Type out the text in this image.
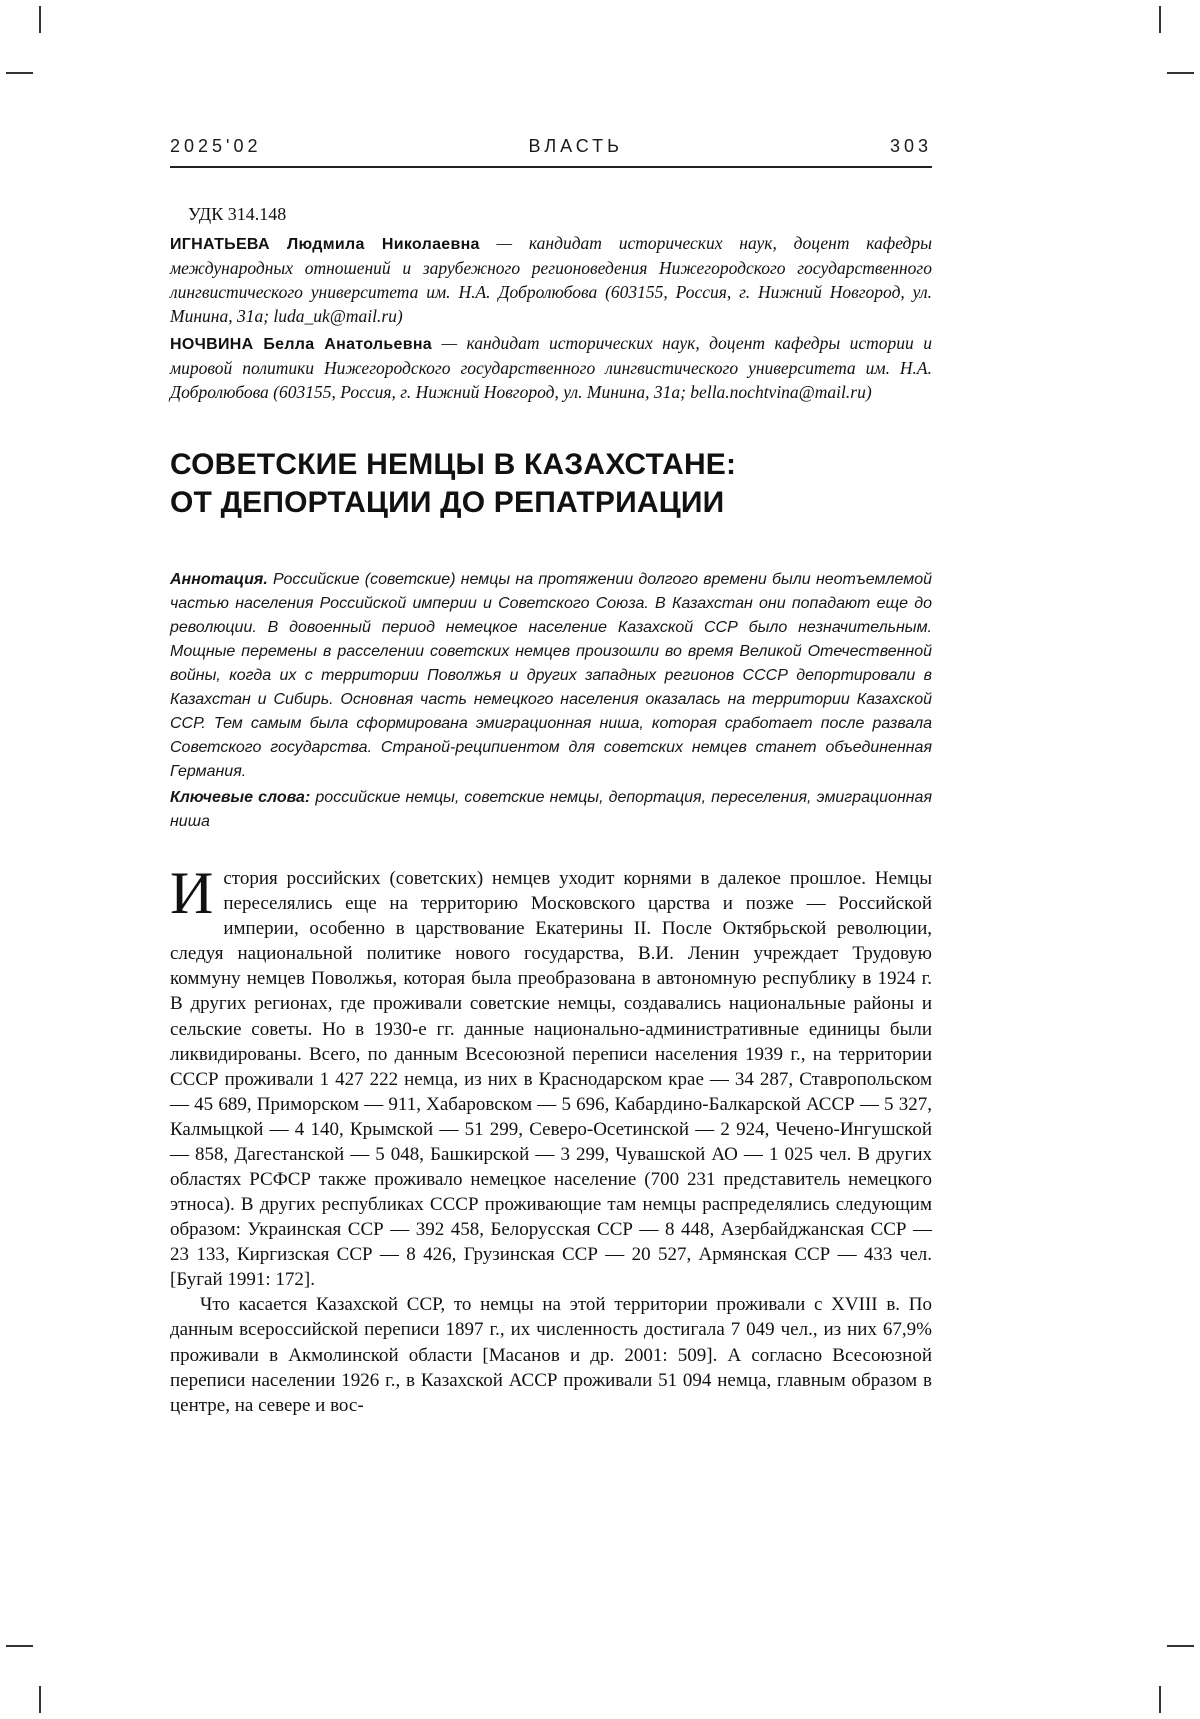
2025'02	ВЛАСТЬ	303
УДК 314.148

ИГНАТЬЕВА Людмила Николаевна — кандидат исторических наук, доцент кафедры международных отношений и зарубежного регионоведения Нижегородского государственного лингвистического университета им. Н.А. Добролюбова (603155, Россия, г. Нижний Новгород, ул. Минина, 31а; luda_uk@mail.ru)

НОЧВИНА Белла Анатольевна — кандидат исторических наук, доцент кафедры истории и мировой политики Нижегородского государственного лингвистического университета им. Н.А. Добролюбова (603155, Россия, г. Нижний Новгород, ул. Минина, 31а; bella.nochtvina@mail.ru)

СОВЕТСКИЕ НЕМЦЫ В КАЗАХСТАНЕ:
ОТ ДЕПОРТАЦИИ ДО РЕПАТРИАЦИИ

Аннотация. Российские (советские) немцы на протяжении долгого времени были неотъемлемой частью населения Российской империи и Советского Союза. В Казахстан они попадают еще до революции. В довоенный период немецкое население Казахской ССР было незначительным. Мощные перемены в расселении советских немцев произошли во время Великой Отечественной войны, когда их с территории Поволжья и других западных регионов СССР депортировали в Казахстан и Сибирь. Основная часть немецкого населения оказалась на территории Казахской ССР. Тем самым была сформирована эмиграционная ниша, которая сработает после развала Советского государства. Страной-реципиентом для советских немцев станет объединенная Германия.

Ключевые слова: российские немцы, советские немцы, депортация, переселения, эмиграционная ниша

История российских (советских) немцев уходит корнями в далекое прошлое. Немцы переселялись еще на территорию Московского царства и позже — Российской империи, особенно в царствование Екатерины II. После Октябрьской революции, следуя национальной политике нового государства, В.И. Ленин учреждает Трудовую коммуну немцев Поволжья, которая была преобразована в автономную республику в 1924 г. В других регионах, где проживали советские немцы, создавались национальные районы и сельские советы. Но в 1930-е гг. данные национально-административные единицы были ликвидированы. Всего, по данным Всесоюзной переписи населения 1939 г., на территории СССР проживали 1 427 222 немца, из них в Краснодарском крае — 34 287, Ставропольском — 45 689, Приморском — 911, Хабаровском — 5 696, Кабардино-Балкарской АССР — 5 327, Калмыцкой — 4 140, Крымской — 51 299, Северо-Осетинской — 2 924, Чечено-Ингушской — 858, Дагестанской — 5 048, Башкирской — 3 299, Чувашской АО — 1 025 чел. В других областях РСФСР также проживало немецкое население (700 231 представитель немецкого этноса). В других республиках СССР проживающие там немцы распределялись следующим образом: Украинская ССР — 392 458, Белорусская ССР — 8 448, Азербайджанская ССР — 23 133, Киргизская ССР — 8 426, Грузинская ССР — 20 527, Армянская ССР — 433 чел. [Бугай 1991: 172].

Что касается Казахской ССР, то немцы на этой территории проживали с XVIII в. По данным всероссийской переписи 1897 г., их численность достигала 7 049 чел., из них 67,9% проживали в Акмолинской области [Масанов и др. 2001: 509]. А согласно Всесоюзной переписи населении 1926 г., в Казахской АССР проживали 51 094 немца, главным образом в центре, на севере и вос-
